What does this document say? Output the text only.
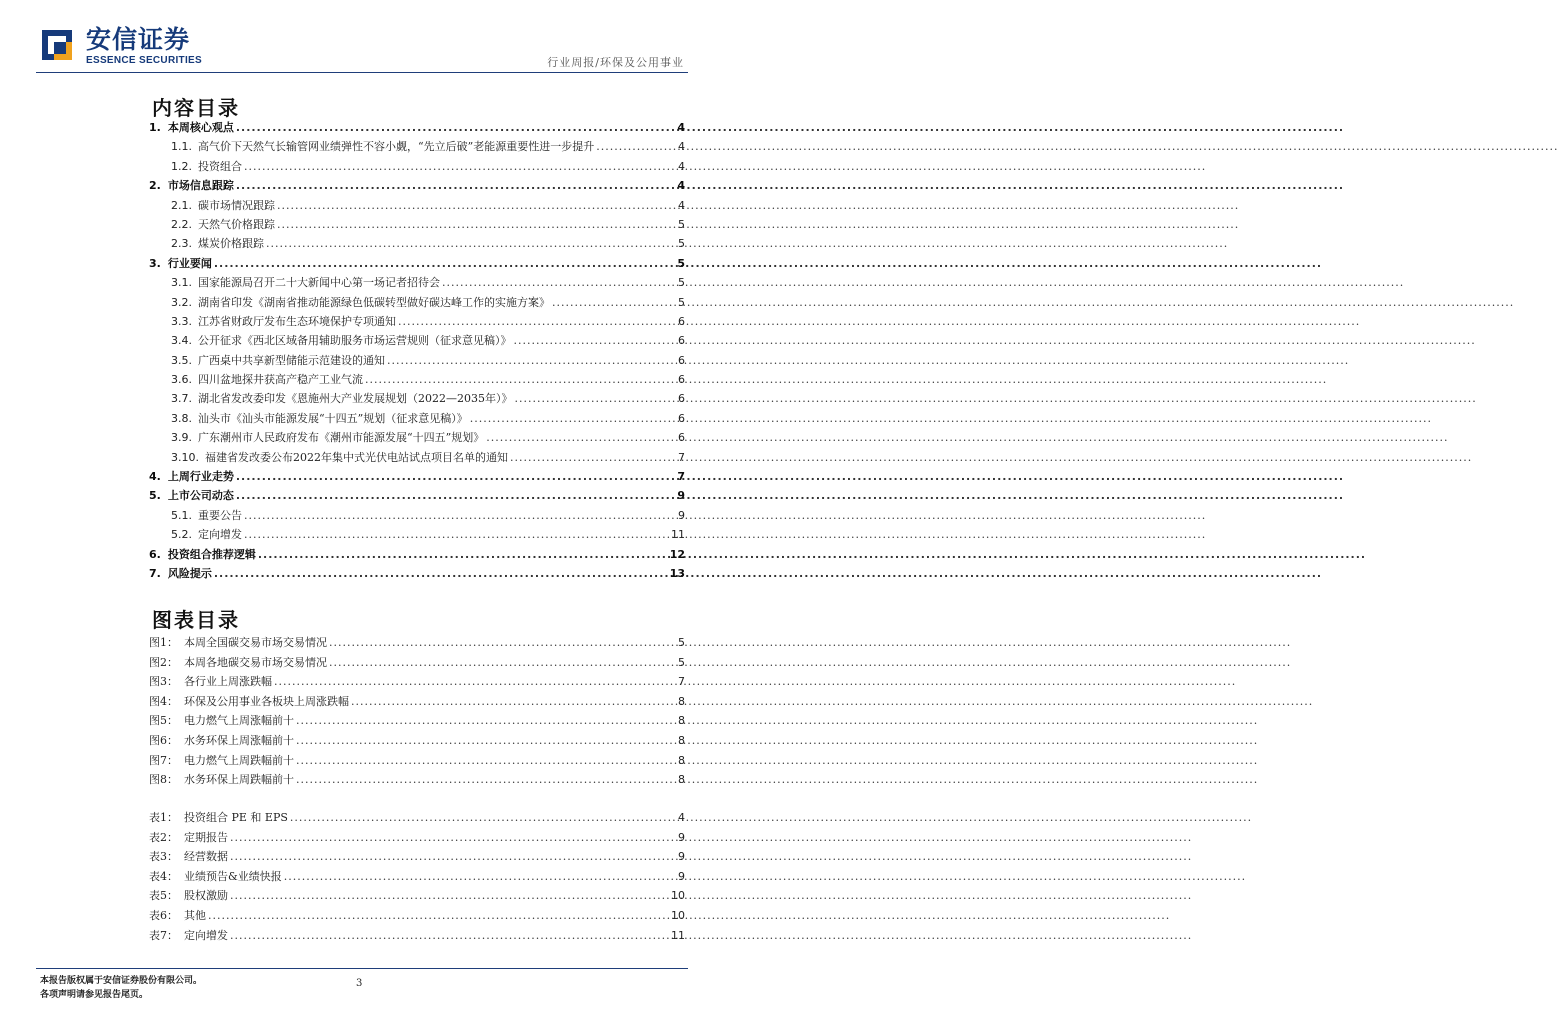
安信证券
ESSENCE SECURITIES	行业周报/环保及公用事业
内容目录
1. 本周核心观点 .....	4
1.1. 高气价下天然气长输管网业绩弹性不容小觑，“先立后破”老能源重要性进一步提升 .....	4
1.2. 投资组合 .....	4
2. 市场信息跟踪 .....	4
2.1. 碳市场情况跟踪 .....	4
2.2. 天然气价格跟踪 .....	5
2.3. 煤炭价格跟踪 .....	5
3. 行业要闻 .....	5
3.1. 国家能源局召开二十大新闻中心第一场记者招待会 .....	5
3.2. 湖南省印发《湖南省推动能源绿色低碳转型做好碳达峰工作的实施方案》 .....	5
3.3. 江苏省财政厅发布生态环境保护专项通知 .....	6
3.4. 公开征求《西北区域备用辅助服务市场运营规则（征求意见稿）》 .....	6
3.5. 广西桌中共享新型储能示范建设的通知 .....	6
3.6. 四川盆地探井获高产稳产工业气流 .....	6
3.7. 湖北省发改委印发《恩施州大产业发展规划（2022—2035年）》 .....	6
3.8. 汕头市《汕头市能源发展“十四五”规划（征求意见稿）》 .....	6
3.9. 广东潮州市人民政府发布《潮州市能源发展“十四五”规划》 .....	6
3.10. 福建省发改委公布2022年集中式光伏电站试点项目名单的通知 .....	7
4. 上周行业走势 .....	7
5. 上市公司动态 .....	9
5.1. 重要公告 .....	9
5.2. 定向增发 .....	11
6. 投资组合推荐逻辑 .....	12
7. 风险提示 .....	13
图表目录
图1： 本周全国碳交易市场交易情况 .....	5
图2： 本周各地碳交易市场交易情况 .....	5
图3： 各行业上周涨跌幅 .....	7
图4： 环保及公用事业各板块上周涨跌幅 .....	8
图5： 电力燃气上周涨幅前十 .....	8
图6： 水务环保上周涨幅前十 .....	8
图7： 电力燃气上周跌幅前十 .....	8
图8： 水务环保上周跌幅前十 .....	8
表1： 投资组合 PE 和 EPS .....	4
表2： 定期报告 .....	9
表3： 经营数据 .....	9
表4： 业绩预告&业绩快报 .....	9
表5： 股权激励 .....	10
表6： 其他 .....	10
表7： 定向增发 .....	11
本报告版权属于安信证券股份有限公司。
各项声明请参见报告尾页。
3
